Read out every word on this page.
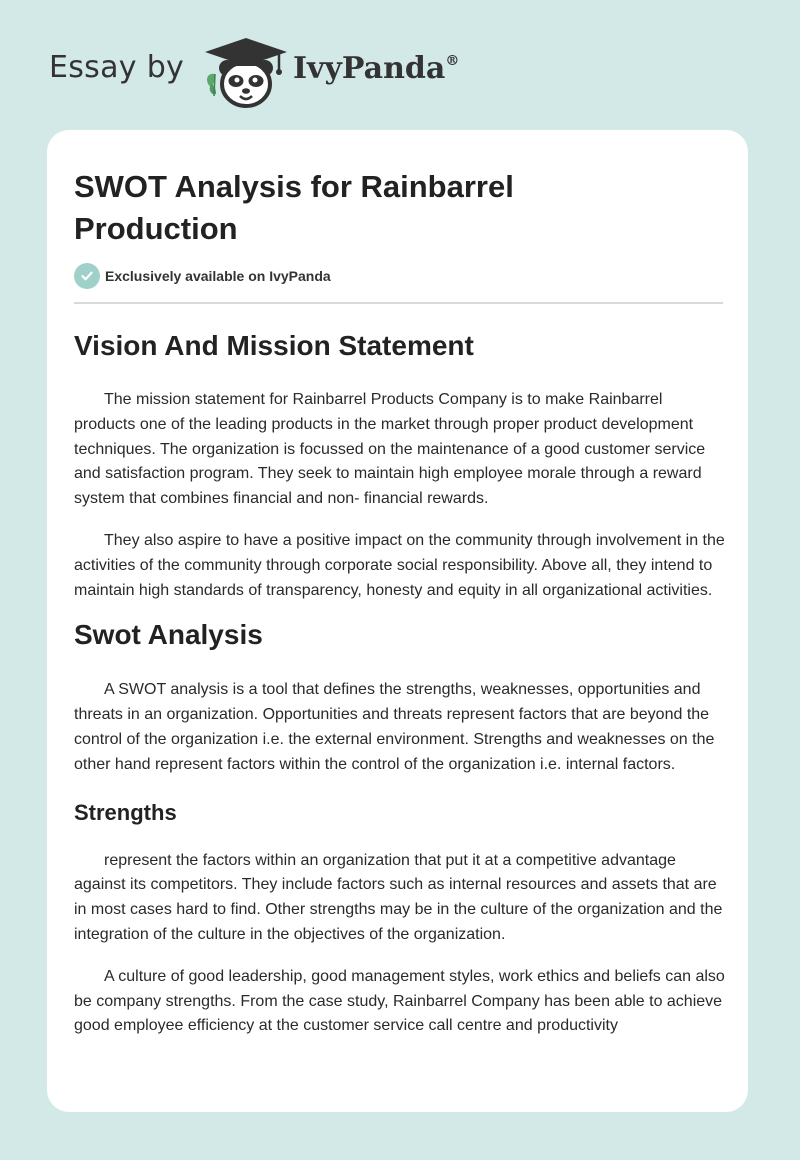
Essay by	IvyPanda®
SWOT Analysis for Rainbarrel Production
Exclusively available on IvyPanda
Vision And Mission Statement

The mission statement for Rainbarrel Products Company is to make Rainbarrel products one of the leading products in the market through proper product development techniques. The organization is focussed on the maintenance of a good customer service and satisfaction program. They seek to maintain high employee morale through a reward system that combines financial and non- financial rewards.

They also aspire to have a positive impact on the community through involvement in the activities of the community through corporate social responsibility. Above all, they intend to maintain high standards of transparency, honesty and equity in all organizational activities.

Swot Analysis

A SWOT analysis is a tool that defines the strengths, weaknesses, opportunities and threats in an organization. Opportunities and threats represent factors that are beyond the control of the organization i.e. the external environment. Strengths and weaknesses on the other hand represent factors within the control of the organization i.e. internal factors.

Strengths

represent the factors within an organization that put it at a competitive advantage against its competitors. They include factors such as internal resources and assets that are in most cases hard to find. Other strengths may be in the culture of the organization and the integration of the culture in the objectives of the organization.

A culture of good leadership, good management styles, work ethics and beliefs can also be company strengths. From the case study, Rainbarrel Company has been able to achieve good employee efficiency at the customer service call centre and productivity
